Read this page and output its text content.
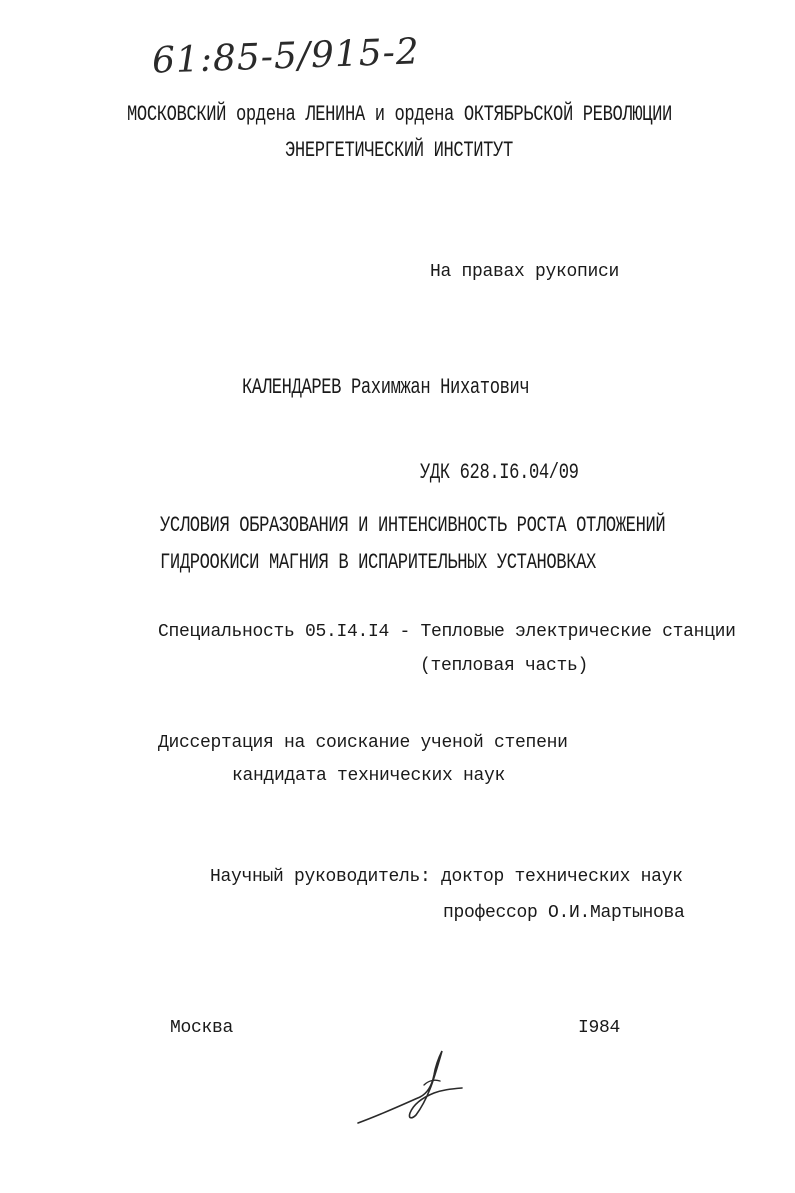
61:85-5/915-2
МОСКОВСКИЙ ордена ЛЕНИНА и ордена ОКТЯБРЬСКОЙ РЕВОЛЮЦИИ
ЭНЕРГЕТИЧЕСКИЙ ИНСТИТУТ
На правах рукописи
КАЛЕНДАРЕВ Рахимжан Нихатович
УДК 628.I6.04/09
УСЛОВИЯ ОБРАЗОВАНИЯ И ИНТЕНСИВНОСТЬ РОСТА ОТЛОЖЕНИЙ
ГИДРООКИСИ МАГНИЯ В ИСПАРИТЕЛЬНЫХ УСТАНОВКАХ
Специальность 05.I4.I4 - Тепловые электрические станции
(тепловая часть)
Диссертация на соискание ученой степени
кандидата технических наук
Научный руководитель: доктор технических наук
профессор О.И.Мартынова
Москва	I984
